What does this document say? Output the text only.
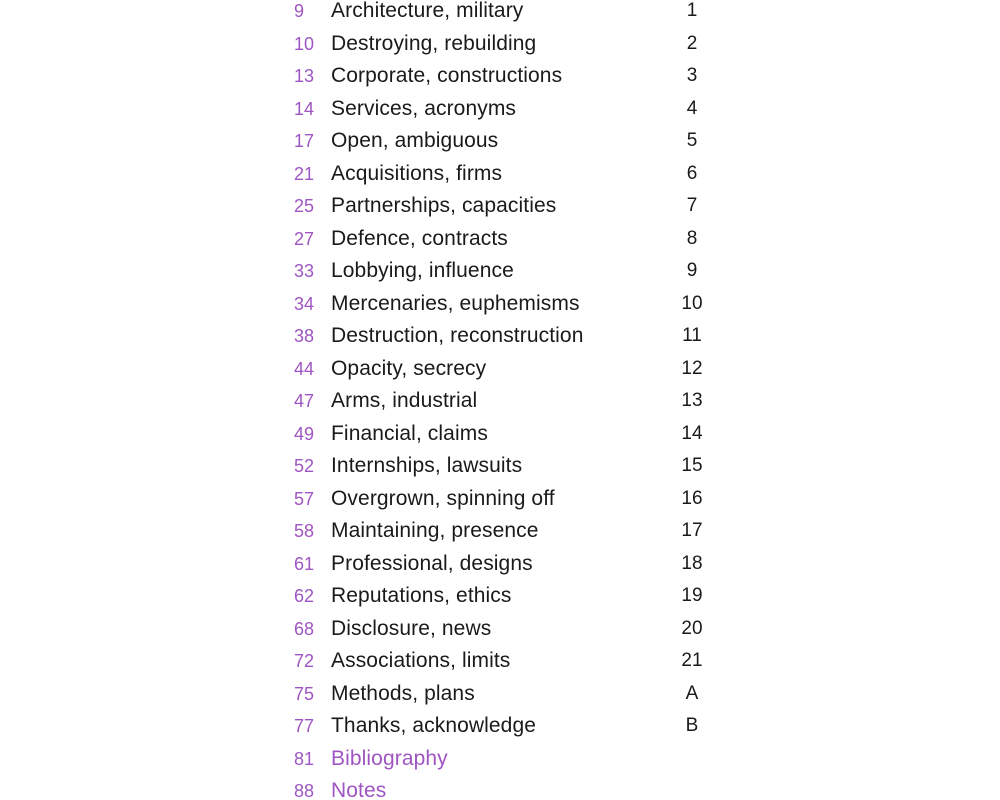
9	Architecture, military	1
10 Destroying, rebuilding	2
13 Corporate, constructions	3
14 Services, acronyms	4
17 Open, ambiguous	5
21 Acquisitions, firms	6
25 Partnerships, capacities	7
27 Defence, contracts	8
33 Lobbying, influence	9
34 Mercenaries, euphemisms	10
38 Destruction, reconstruction	11
44 Opacity, secrecy	12
47 Arms, industrial	13
49 Financial, claims	14
52 Internships, lawsuits	15
57 Overgrown, spinning off	16
58 Maintaining, presence	17
61 Professional, designs	18
62 Reputations, ethics	19
68 Disclosure, news	20
72 Associations, limits	21
75 Methods, plans	A
77 Thanks, acknowledge	B
81 Bibliography
88 Notes
